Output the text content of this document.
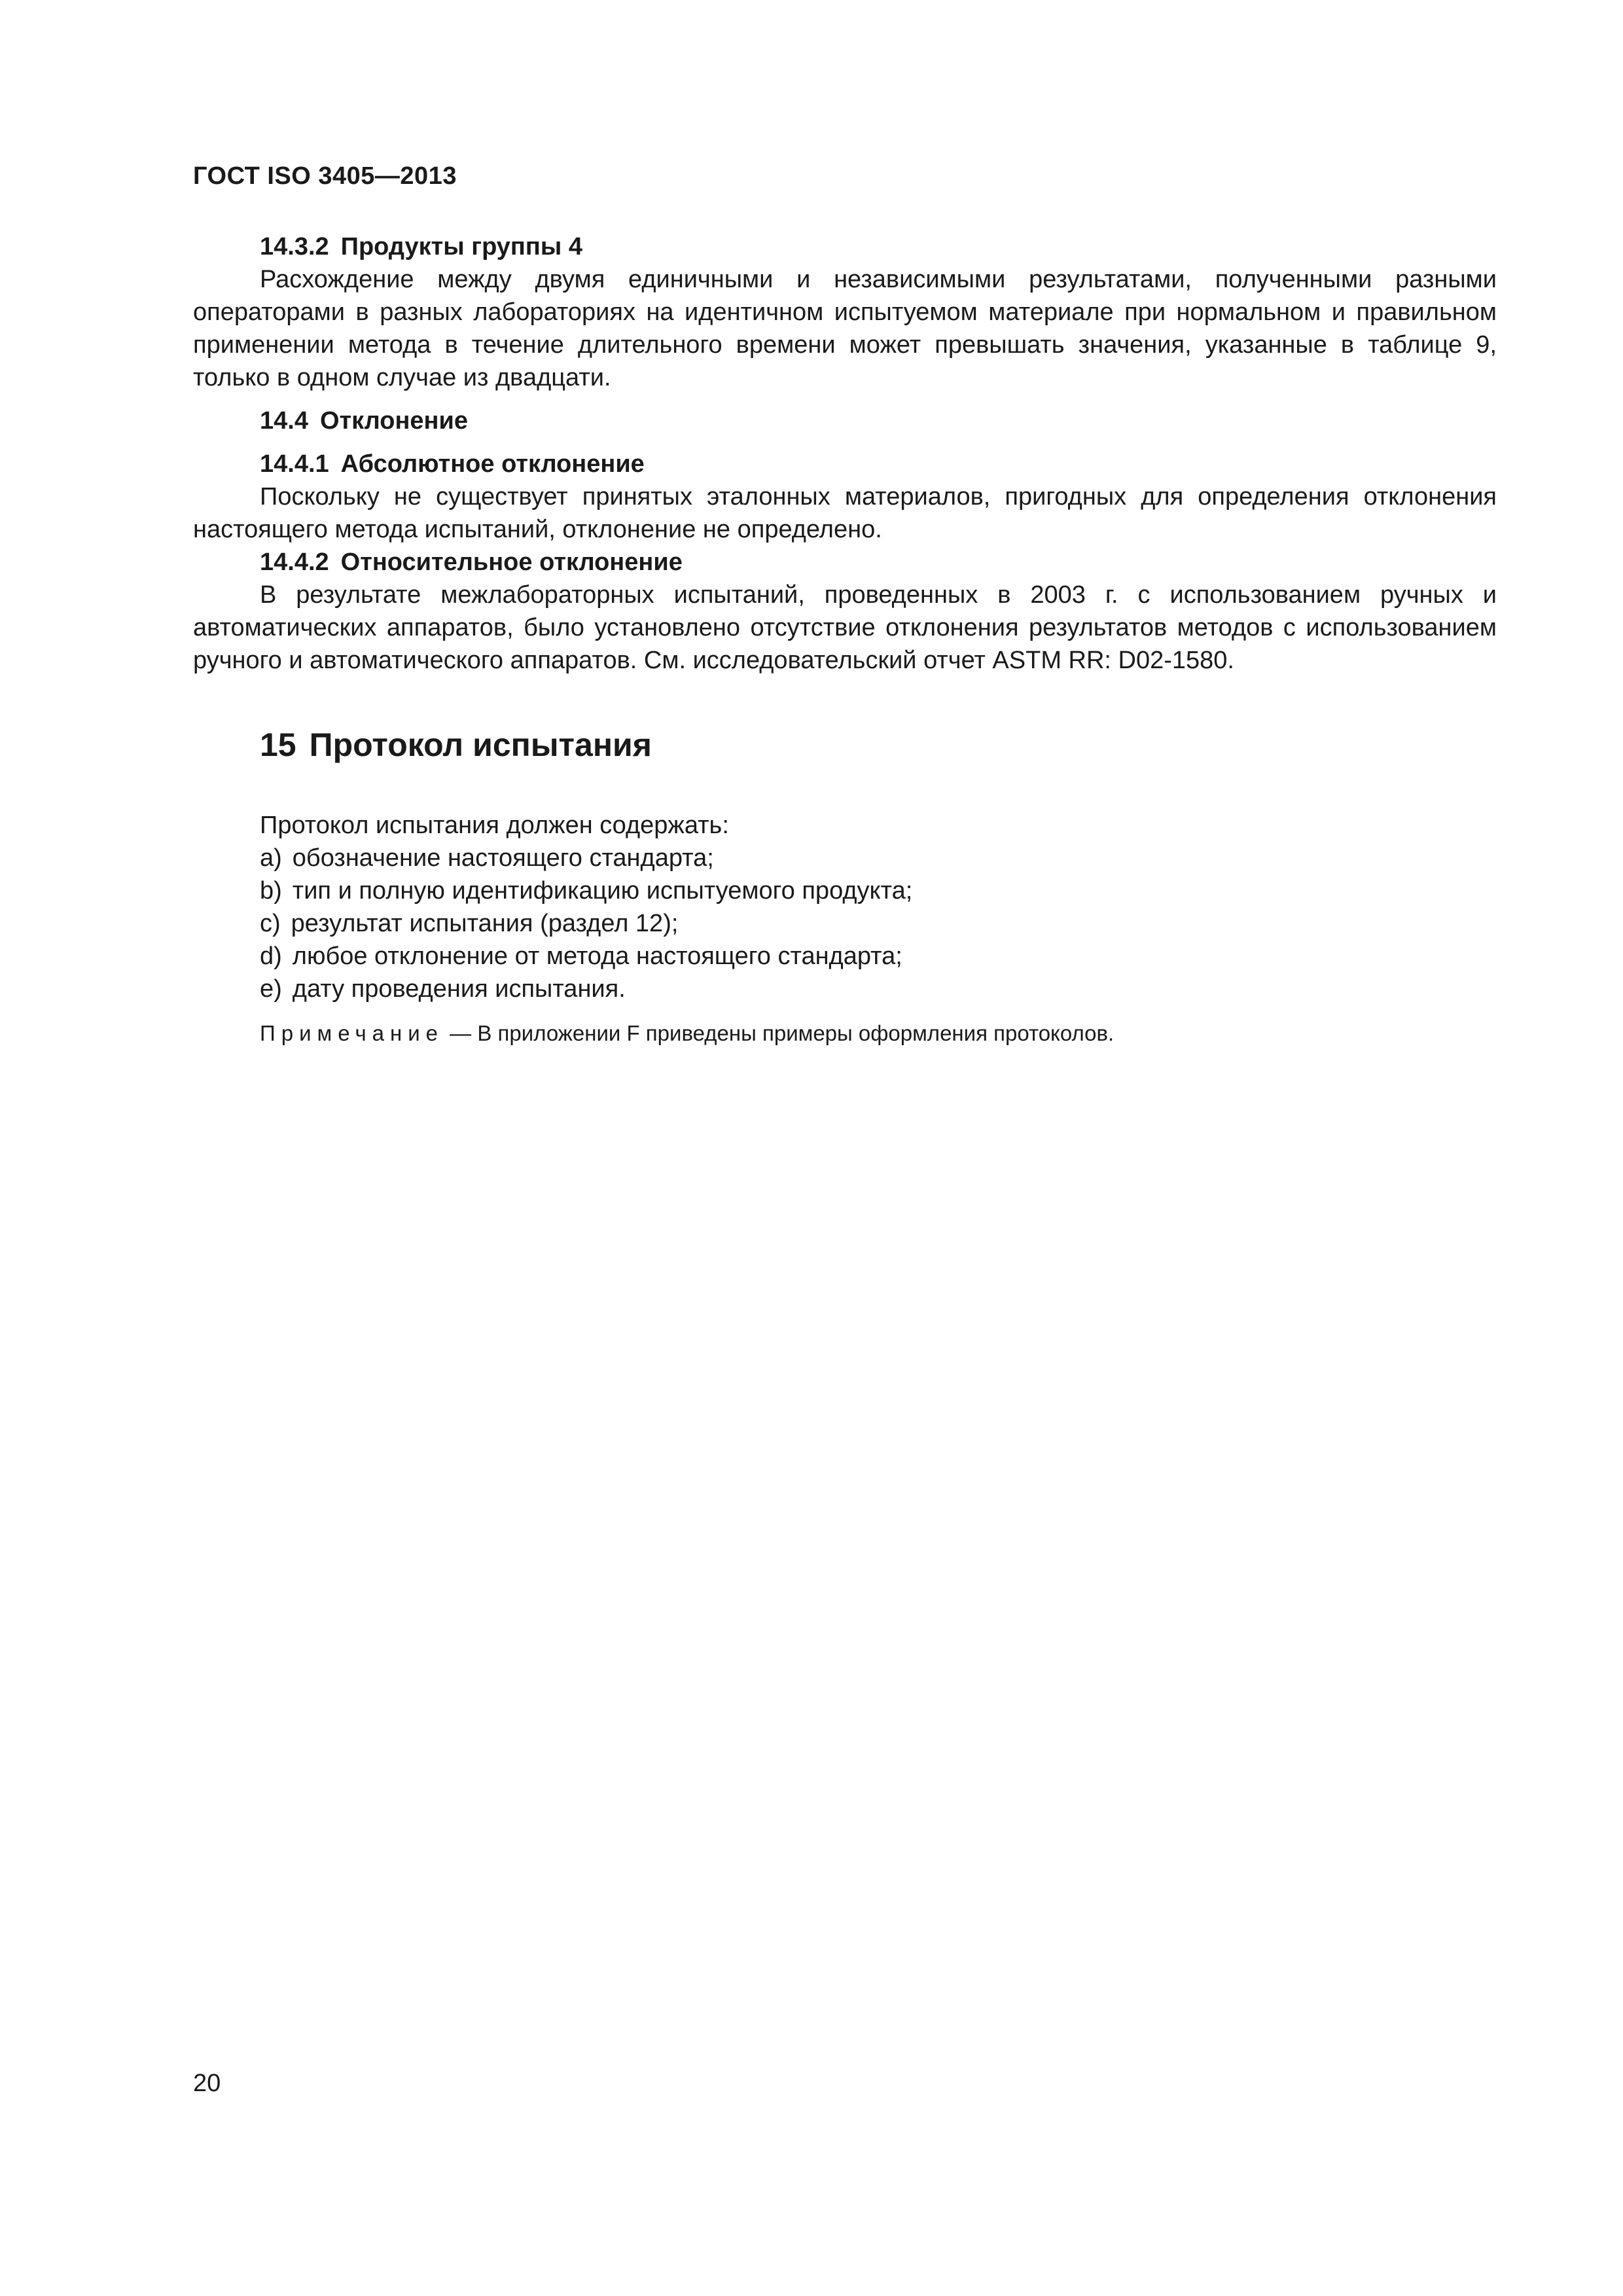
ГОСТ ISO 3405—2013

14.3.2 Продукты группы 4

Расхождение между двумя единичными и независимыми результатами, полученными разными операторами в разных лабораториях на идентичном испытуемом материале при нормальном и правильном применении метода в течение длительного времени может превышать значения, указанные в таблице 9, только в одном случае из двадцати.

14.4 Отклонение

14.4.1 Абсолютное отклонение

Поскольку не существует принятых эталонных материалов, пригодных для определения отклонения настоящего метода испытаний, отклонение не определено.

14.4.2 Относительное отклонение

В результате межлабораторных испытаний, проведенных в 2003 г. с использованием ручных и автоматических аппаратов, было установлено отсутствие отклонения результатов методов с использованием ручного и автоматического аппаратов. См. исследовательский отчет ASTM RR: D02-1580.

15 Протокол испытания

Протокол испытания должен содержать:

a) обозначение настоящего стандарта;
b) тип и полную идентификацию испытуемого продукта;
c) результат испытания (раздел 12);
d) любое отклонение от метода настоящего стандарта;
e) дату проведения испытания.

Примечание — В приложении F приведены примеры оформления протоколов.

20
